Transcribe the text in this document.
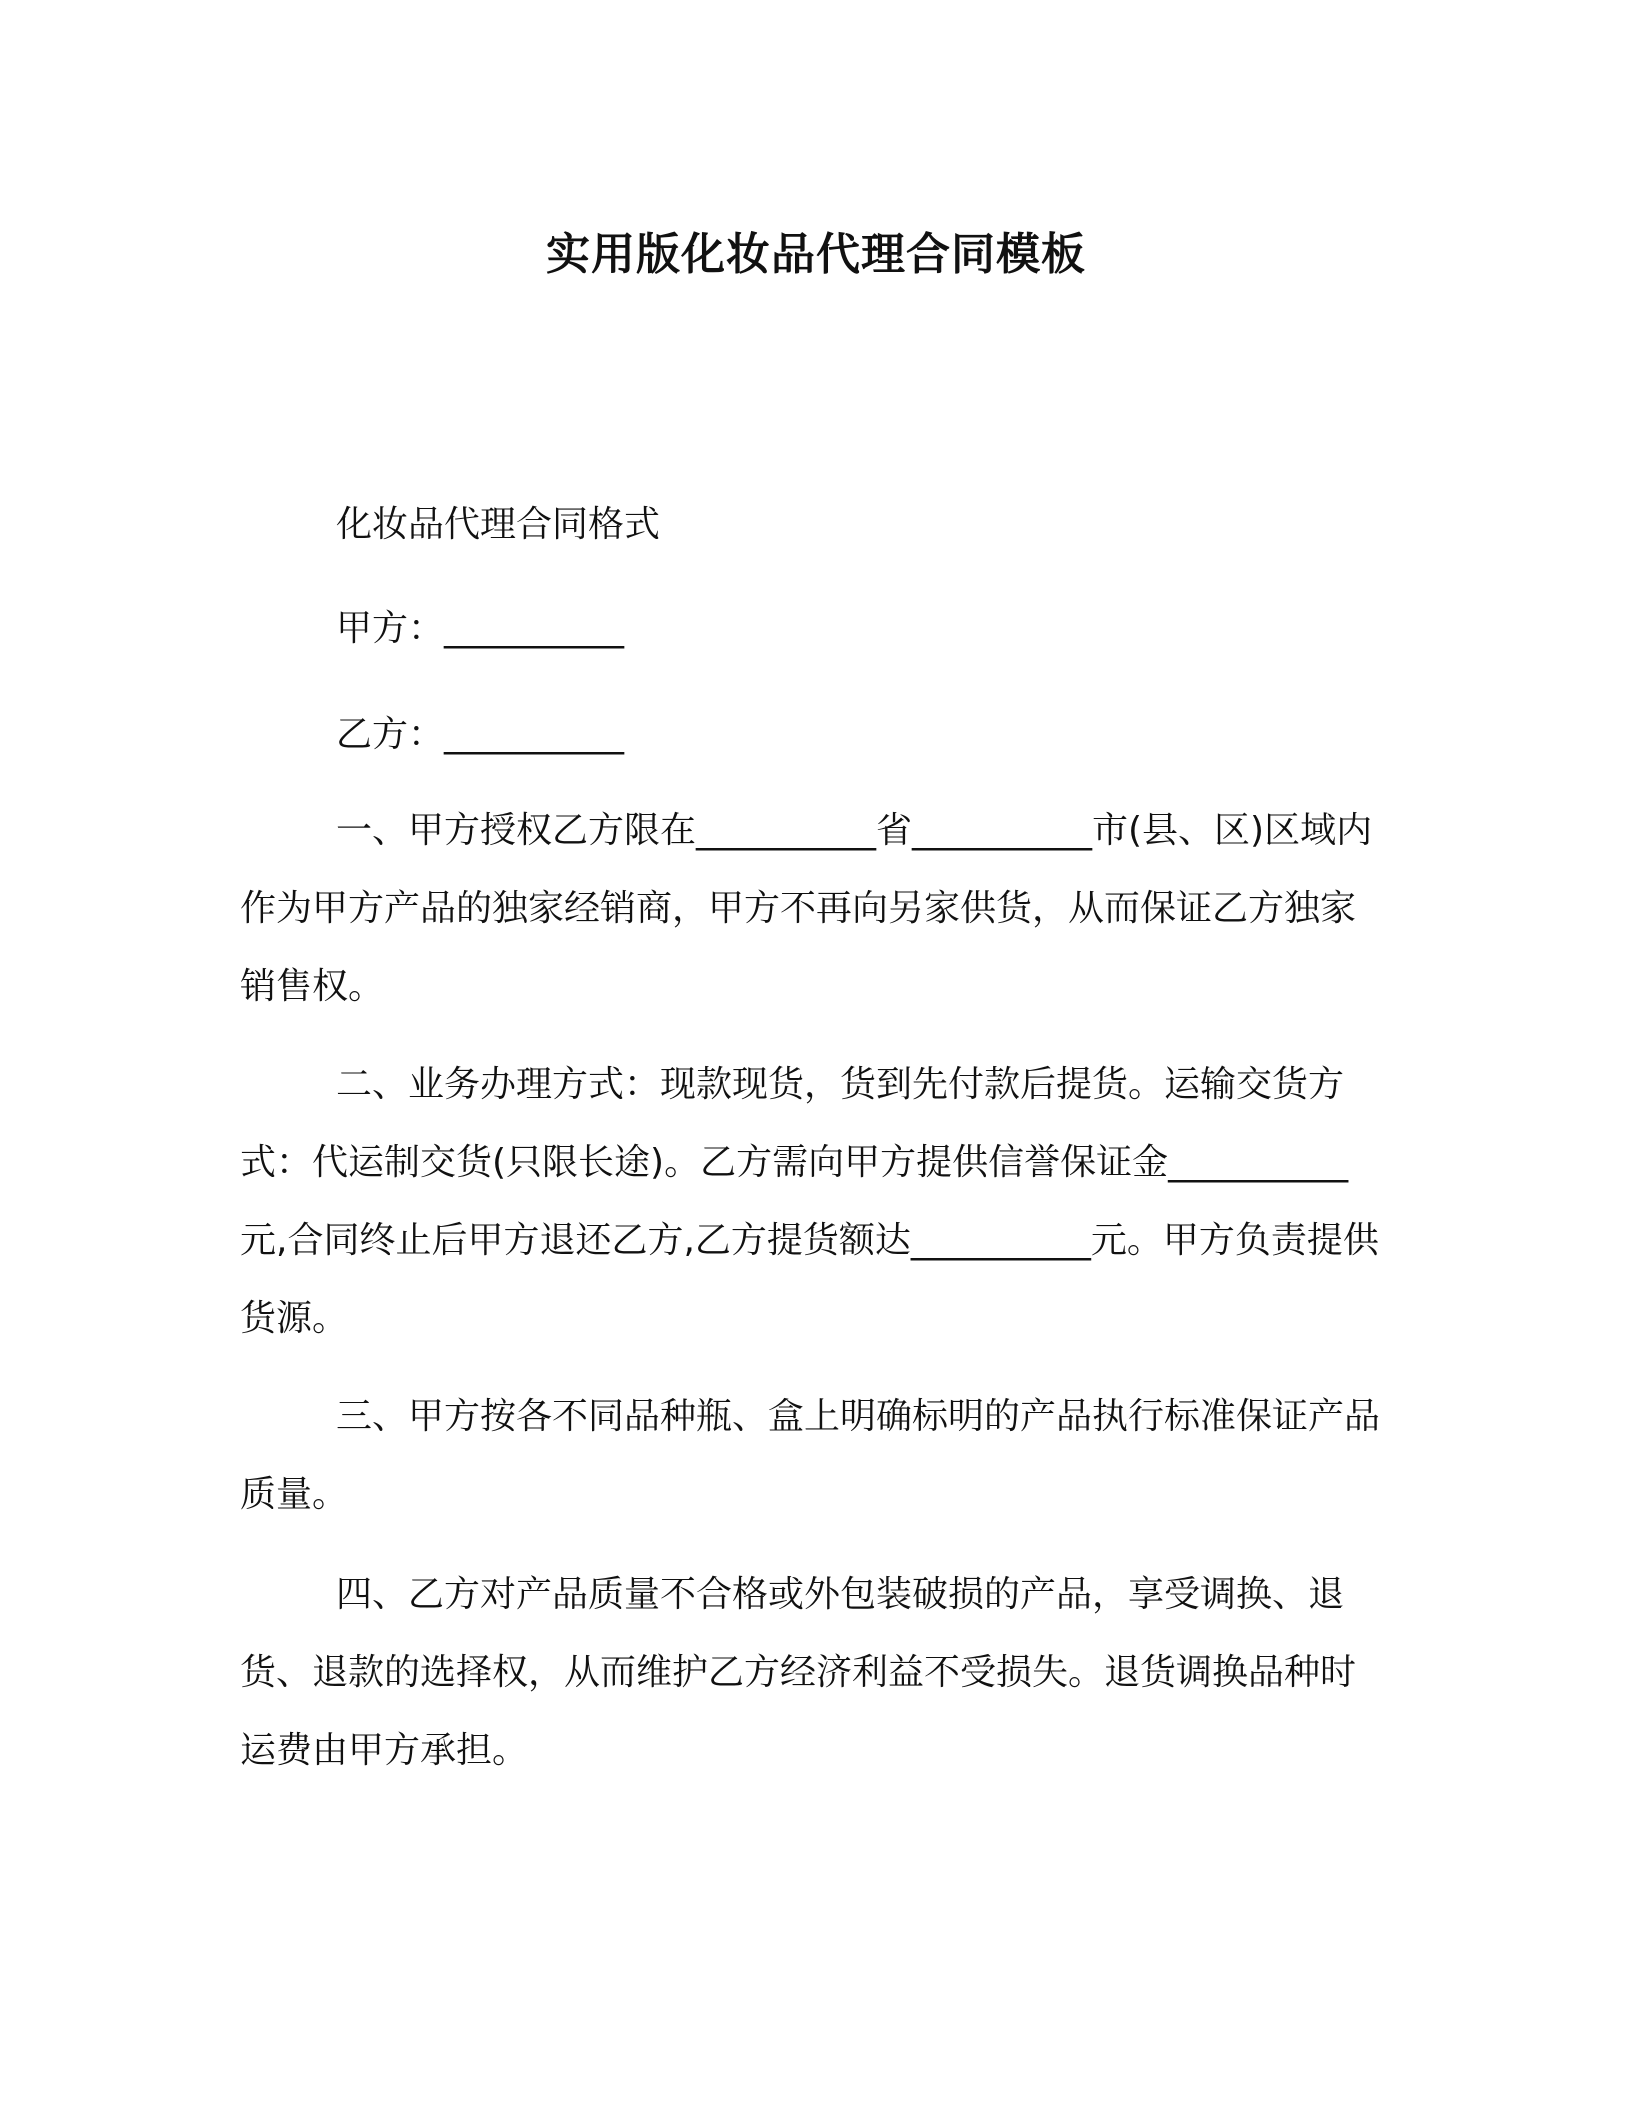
实用版化妆品代理合同模板
化妆品代理合同格式
甲方：__________
乙方：__________
一、甲方授权乙方限在__________省__________市(县、区)区域内作为甲方产品的独家经销商，甲方不再向另家供货，从而保证乙方独家销售权。
二、业务办理方式：现款现货，货到先付款后提货。运输交货方式：代运制交货(只限长途)。乙方需向甲方提供信誉保证金__________元,合同终止后甲方退还乙方,乙方提货额达__________元。甲方负责提供货源。
三、甲方按各不同品种瓶、盒上明确标明的产品执行标准保证产品质量。
四、乙方对产品质量不合格或外包装破损的产品，享受调换、退货、退款的选择权，从而维护乙方经济利益不受损失。退货调换品种时运费由甲方承担。
